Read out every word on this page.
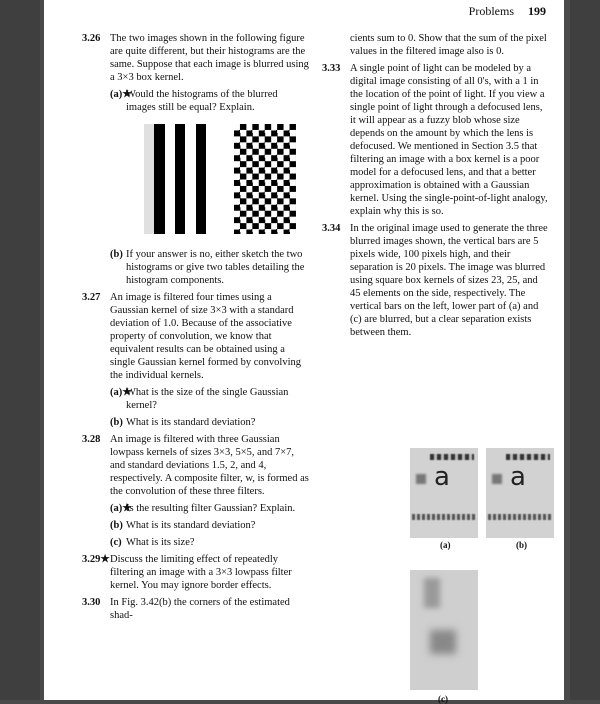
Problems 199
3.26 The two images shown in the following figure are quite different, but their histograms are the same. Suppose that each image is blurred using a 3×3 box kernel.

(a)★

Would the histograms of the blurred images still be equal? Explain.

(b) If your answer is no, either sketch the two histograms or give two tables detailing the histogram components.

3.27 An image is filtered four times using a Gaussian kernel of size 3×3 with a standard deviation of 1.0. Because of the associative property of convolution, we know that equivalent results can be obtained using a single Gaussian kernel formed by convolving the individual kernels.

(a)★

What is the size of the single Gaussian kernel?

(b) What is its standard deviation?

3.28 An image is filtered with three Gaussian lowpass kernels of sizes 3×3, 5×5, and 7×7, and standard deviations 1.5, 2, and 4, respectively. A composite filter, w, is formed as the convolution of these three filters.

(a)★

Is the resulting filter Gaussian? Explain.

(b) What is its standard deviation?

(c) What is its size?

3.29★ Discuss the limiting effect of repeatedly filtering an image with a 3×3 lowpass filter kernel. You may ignore border effects.

3.30 In Fig. 3.42(b) the corners of the estimated shad-

cients sum to 0. Show that the sum of the pixel values in the filtered image also is 0.

3.33 A single point of light can be modeled by a digital image consisting of all 0's, with a 1 in the location of the point of light. If you view a single point of light through a defocused lens, it will appear as a fuzzy blob whose size depends on the amount by which the lens is defocused. We mentioned in Section 3.5 that filtering an image with a box kernel is a poor model for a defocused lens, and that a better approximation is obtained with a Gaussian kernel. Using the single-point-of-light analogy, explain why this is so.

3.34 In the original image used to generate the three blurred images shown, the vertical bars are 5 pixels wide, 100 pixels high, and their separation is 20 pixels. The image was blurred using square box kernels of sizes 23, 25, and 45 elements on the side, respectively. The vertical bars on the left, lower part of (a) and (c) are blurred, but a clear separation exists between them.

a a
(a)	(b)
(c)
